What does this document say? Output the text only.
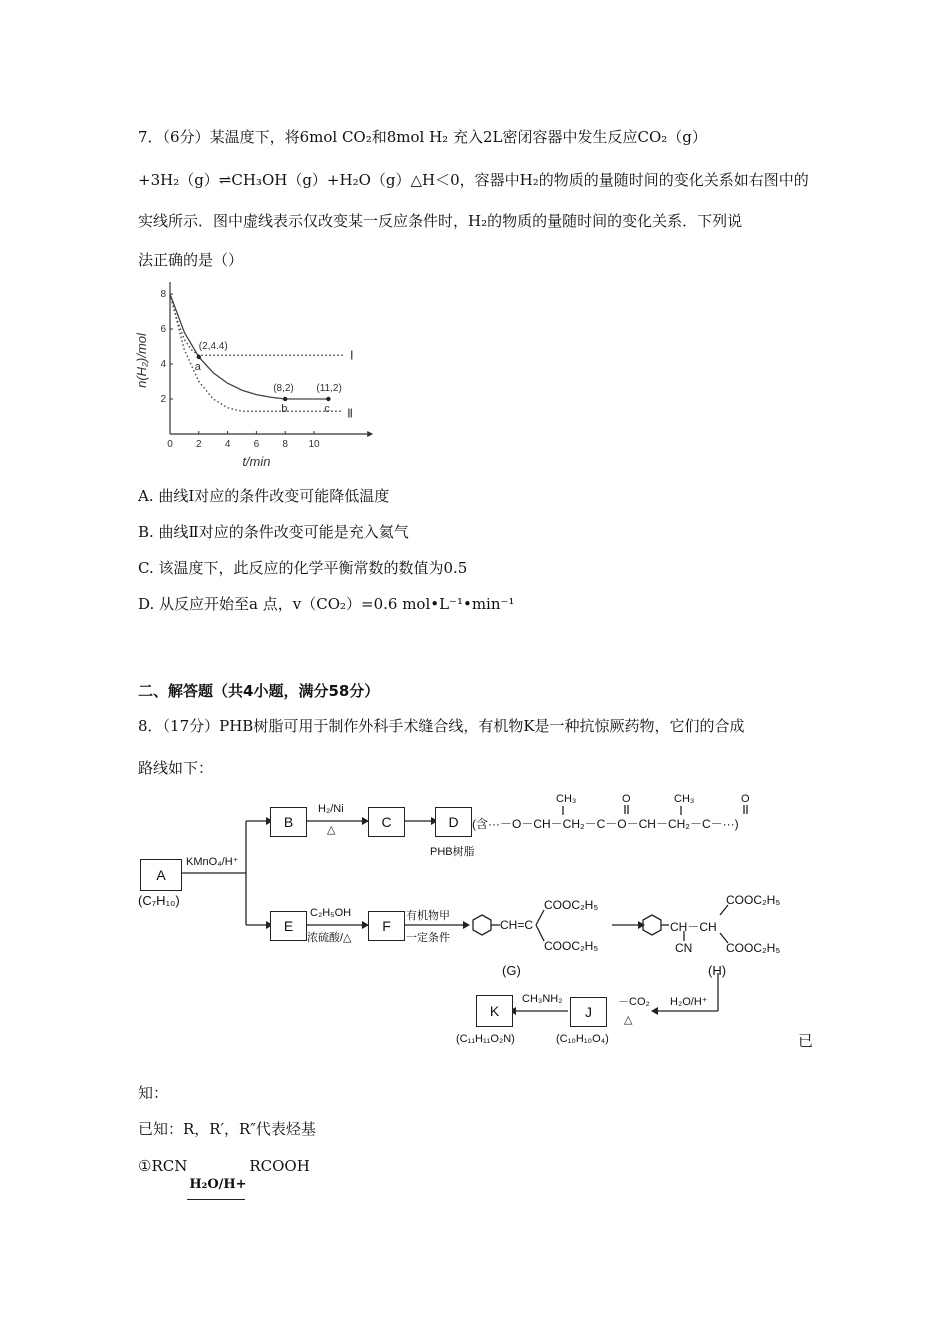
7．（6分）某温度下，将6mol CO₂和8mol H₂ 充入2L密闭容器中发生反应CO₂（g）
+3H₂（g）⇌CH₃OH（g）+H₂O（g）△H＜0，容器中H₂的物质的量随时间的变化关系如右图中的
实线所示．图中虚线表示仅改变某一反应条件时，H₂的物质的量随时间的变化关系．下列说
法正确的是（）
0 2 4 6 8 10
2
4
6
8
t/min
n(H₂)/mol	Ⅰ
Ⅱ
a
(2,4.4)
b
(8,2)
c
(11,2)
A. 曲线Ⅰ对应的条件改变可能降低温度
B. 曲线Ⅱ对应的条件改变可能是充入氦气
C. 该温度下，此反应的化学平衡常数的数值为0.5
D. 从反应开始至a 点，v（CO₂）=0.6 mol•L⁻¹•min⁻¹
二、解答题（共4小题，满分58分）
8．（17分）PHB树脂可用于制作外科手术缝合线，有机物K是一种抗惊厥药物，它们的合成
路线如下：
A
(C₇H₁₀)
KMnO₄/H⁺
B
H₂/Ni
△	C	D
PHB树脂
(含···－O－CH－CH₂－C－O－CH－CH₂－C－···)
CH₃	O	CH₃	O
E
C₂H₅OH
浓硫酸/△
F
有机物甲
一定条件
CH=C
COOC₂H₅
COOC₂H₅
(G)
CH－CH
CN
COOC₂H₅
COOC₂H₅
(H)
H₂O/H⁺
－CO₂
△
J
CH₃NH₂
K
(C₁₁H₁₁O₂N)	(C₁₀H₁₀O₄)	已
知：
已知：R，R′，R″代表烃基
①RCN
H₂O/H+
RCOOH
